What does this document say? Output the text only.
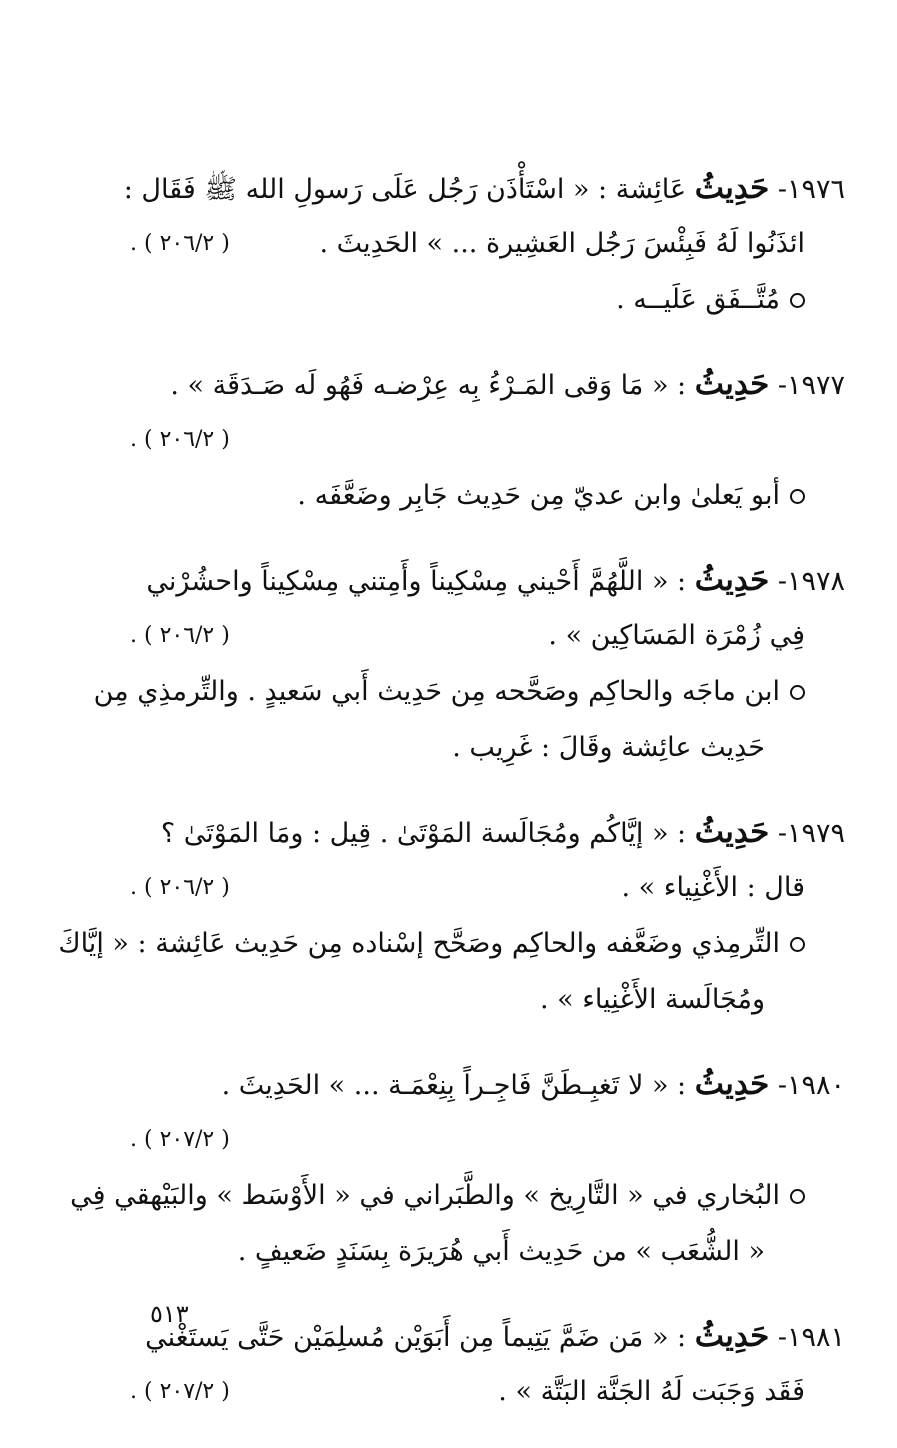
١٩٧٦- حَدِيثُ عَائِشة : « اسْتَأْذَن رَجُل عَلَى رَسولِ الله ﷺ فَقَال :
ائذَنُوا لَهُ فَبِئْسَ رَجُل العَشِيرة ... » الحَدِيثَ .
( ٢٠٦/٢ ) .
مُتَّــفَق عَلَيــه .
١٩٧٧- حَدِيثُ : « مَا وَقى المَـرْءُ بِه عِرْضـه فَهُو لَه صَـدَقَة » .
( ٢٠٦/٢ ) .
أبو يَعلىٰ وابن عديّ مِن حَدِيث جَابِر وضَعَّفَه .
١٩٧٨- حَدِيثُ : « اللَّهُمَّ أَحْيني مِسْكِيناً وأَمِتني مِسْكِيناً واحشُرْني
فِي زُمْرَة المَسَاكِين » .
( ٢٠٦/٢ ) .
ابن ماجَه والحاكِم وصَحَّحه مِن حَدِيث أَبي سَعيدٍ . والتِّرمذِي مِن
حَدِيث عائِشة وقَالَ : غَرِيب .
١٩٧٩- حَدِيثُ : « إيَّاكُم ومُجَالَسة المَوْتَىٰ . قِيل : ومَا المَوْتَىٰ ؟
قال : الأَغْنِياء » .
( ٢٠٦/٢ ) .
التِّرمِذي وضَعَّفه والحاكِم وصَحَّح إسْناده مِن حَدِيث عَائِشة : « إيَّاكَ
ومُجَالَسة الأَغْنِياء » .
١٩٨٠- حَدِيثُ : « لا تَغبِـطَنَّ فَاجِـراً بِنِعْمَـة ... » الحَدِيثَ .
( ٢٠٧/٢ ) .
البُخاري في « التَّارِيخ » والطَّبَراني في « الأَوْسَط » والبَيْهقي فِي
« الشُّعَب » من حَدِيث أَبي هُرَيرَة بِسَنَدٍ ضَعيفٍ .
١٩٨١- حَدِيثُ : « مَن ضَمَّ يَتِيماً مِن أَبَوَيْن مُسلِمَيْن حَتَّى يَستَغْني
فَقَد وَجَبَت لَهُ الجَنَّة البَتَّة » .
( ٢٠٧/٢ ) .
٥١٣
